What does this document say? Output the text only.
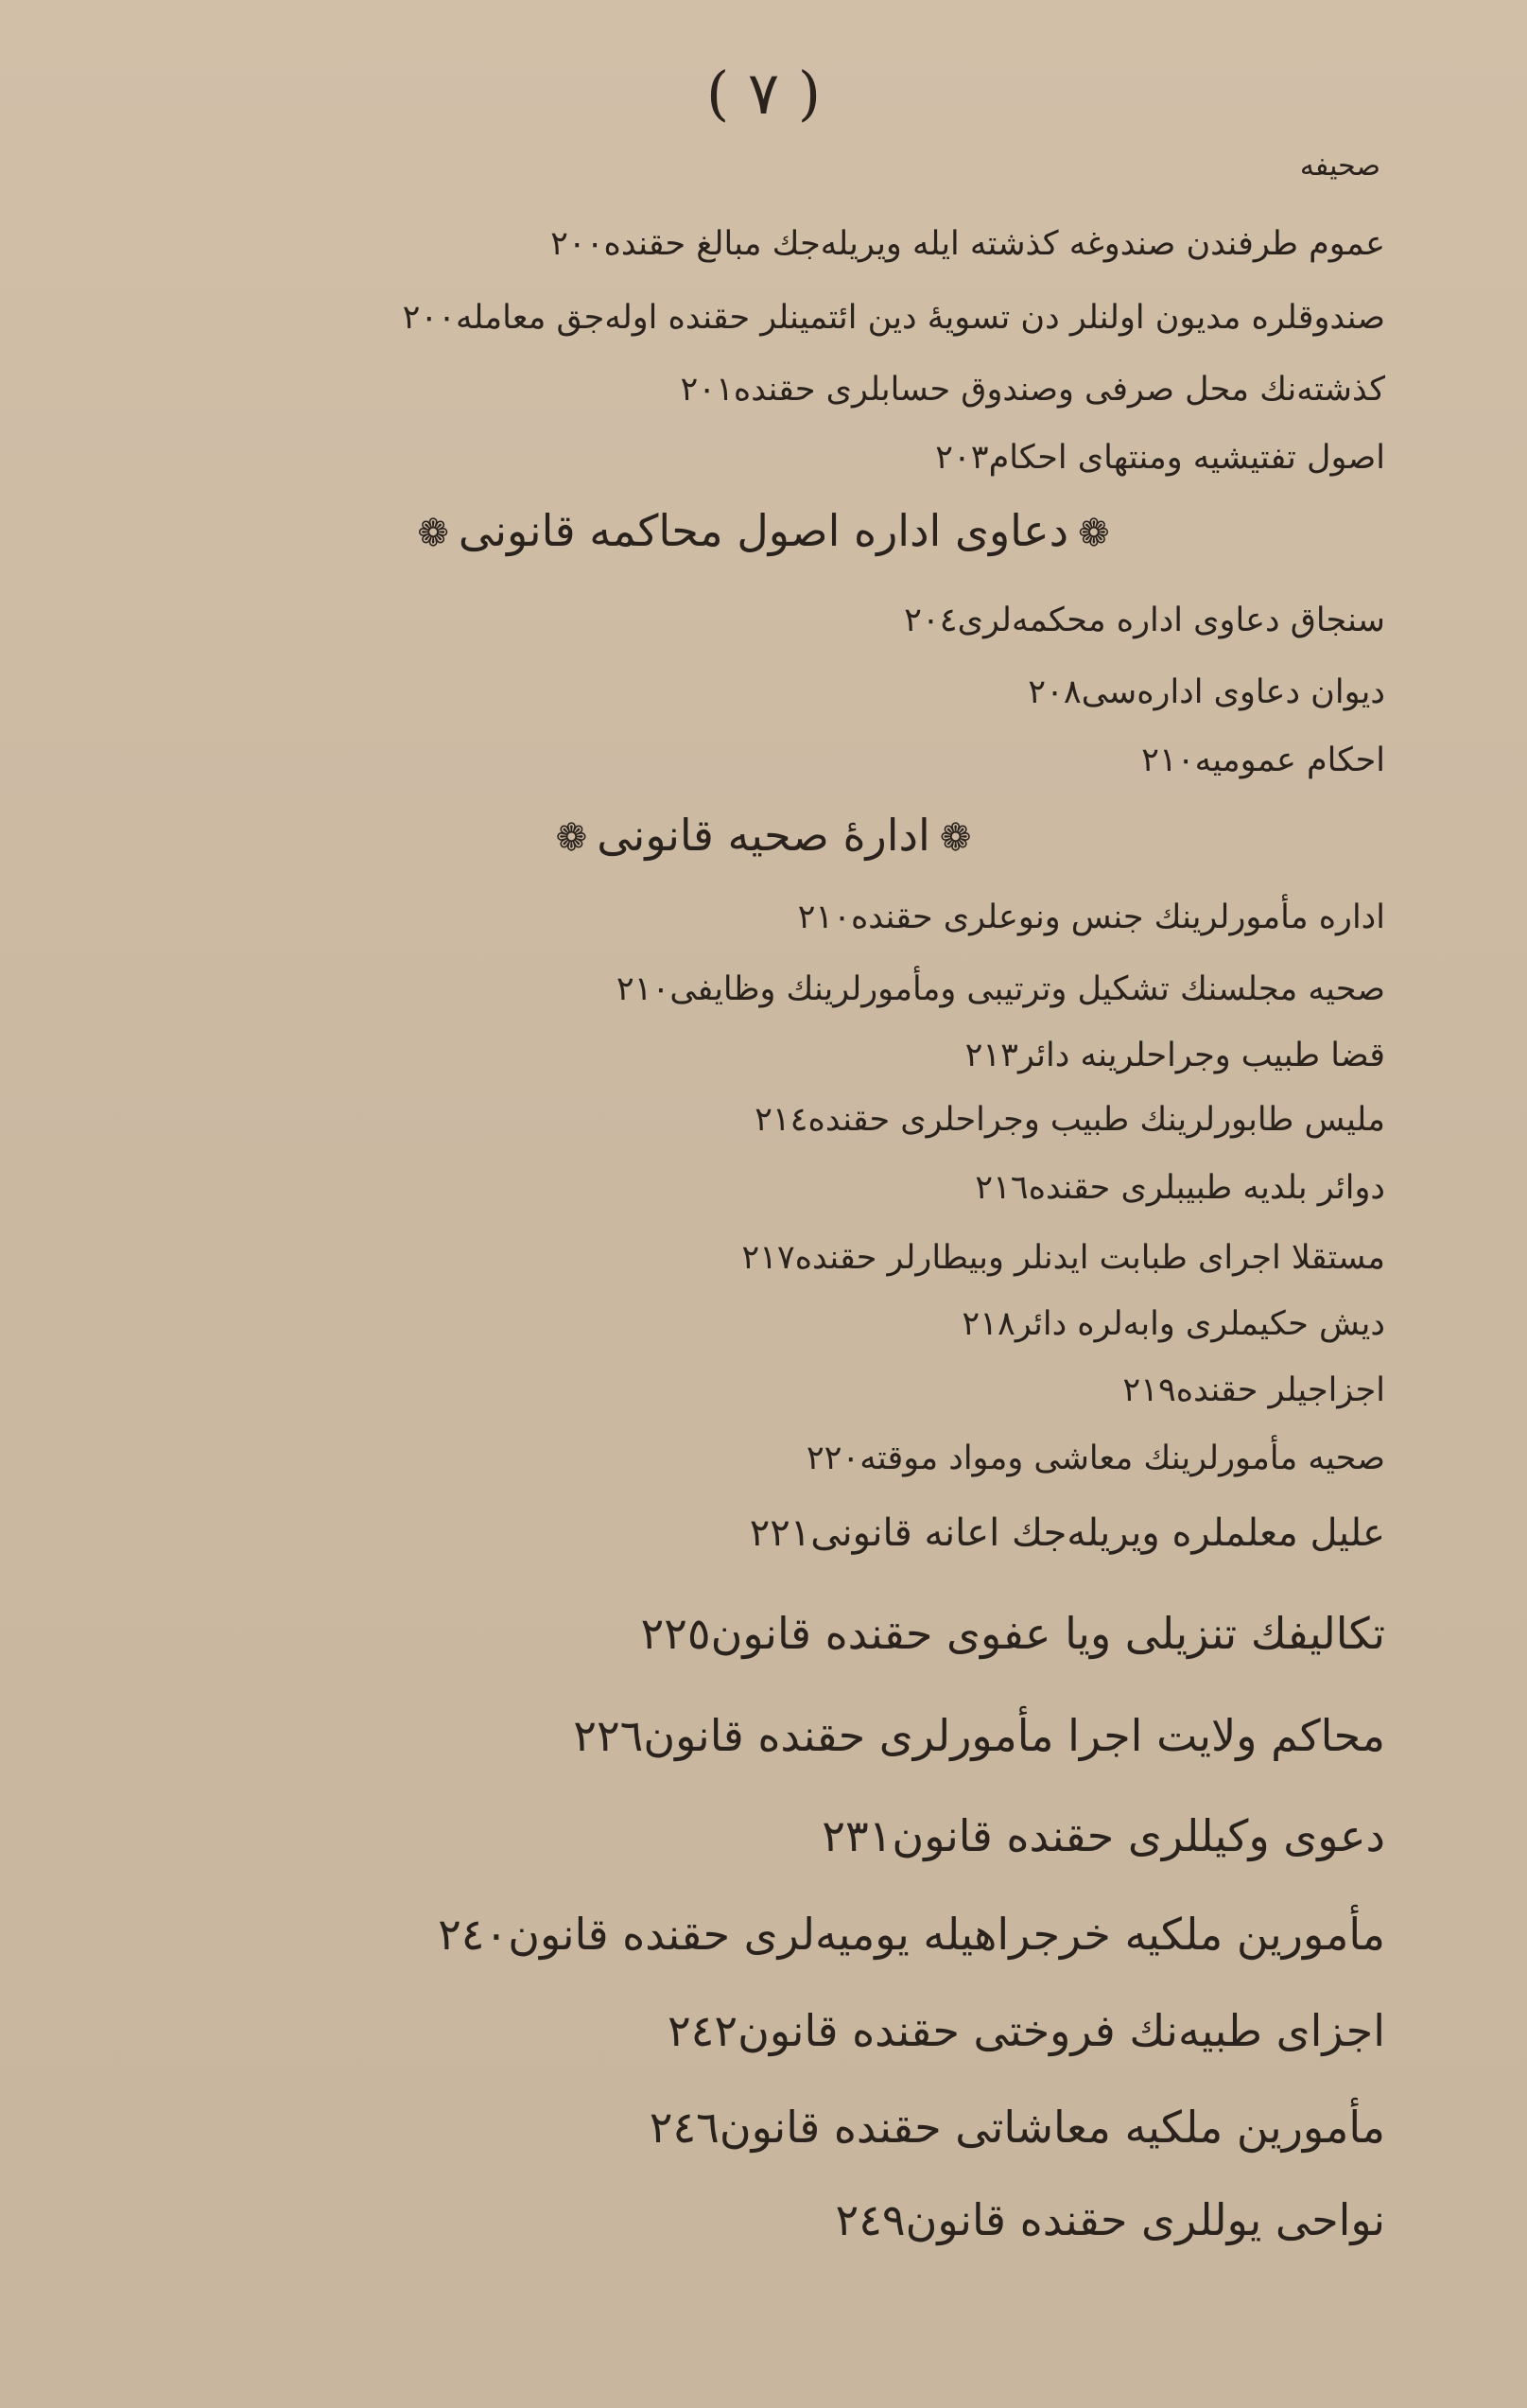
( ٧ )
صحیفه
٢٠٠ عموم طرفندن صندوغه كذشته ايله ويريله‌جك مبالغ حقنده
٢٠٠ صندوقلره مديون اولنلر دن تسويهٔ دين ائتمينلر حقنده اوله‌جق معامله
٢٠١ كذشته‌نك محل صرفی وصندوق حسابلری حقنده
٢٠٣ اصول تفتيشيه ومنتهای احكام
❁دعاوی اداره اصول محاكمه قانونی❁
٢٠٤ سنجاق دعاوی اداره محكمه‌لری
٢٠٨ ديوان دعاوی اداره‌سی
٢١٠ احكام عموميه
❁ادارهٔ صحيه قانونی❁
٢١٠ اداره مأمورلرينك جنس ونوعلری حقنده
٢١٠ صحيه مجلسنك تشكيل وترتيبی ومأمورلرينك وظايفی
٢١٣ قضا طبيب وجراحلرينه دائر
٢١٤ ملیس طابورلرينك طبيب وجراحلری حقنده
٢١٦ دوائر بلديه طبيبلری حقنده
٢١٧ مستقلا اجرای طبابت ايدنلر وبيطارلر حقنده
٢١٨ ديش حكيملری وابه‌لره دائر
٢١٩ اجزاجيلر حقنده
٢٢٠ صحيه مأمورلرينك معاشی ومواد موقته
٢٢١ عليل معلملره ويريله‌جك اعانه قانونی
٢٢٥ تكاليفك تنزيلی ويا عفوی حقنده قانون
٢٢٦ محاكم ولايت اجرا مأمورلری حقنده قانون
٢٣١ دعوی وكيللری حقنده قانون
٢٤٠ مأمورين ملكيه خرجراهيله يوميه‌لری حقنده قانون
٢٤٢ اجزای طبيه‌نك فروختی حقنده قانون
٢٤٦ مأمورين ملكيه معاشاتی حقنده قانون
٢٤٩ نواحی يوللری حقنده قانون
